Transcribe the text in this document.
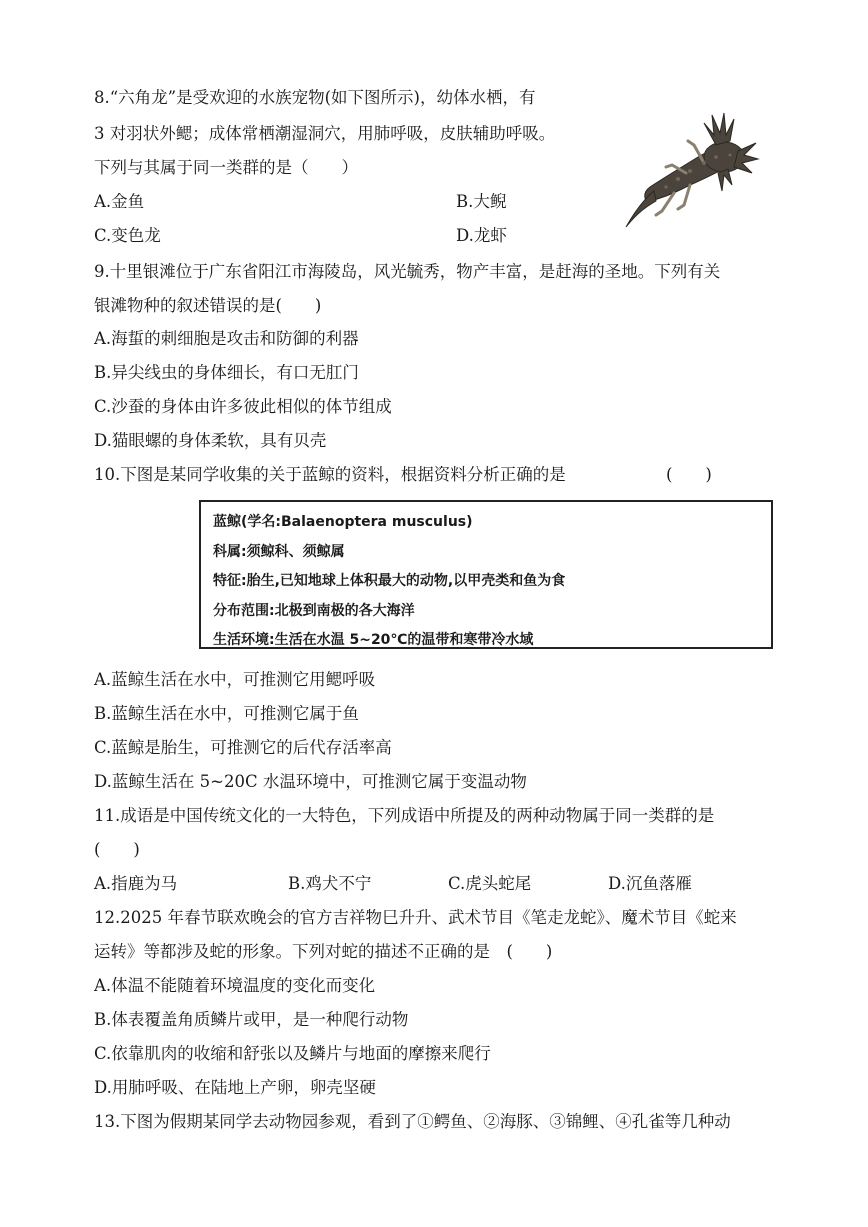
8.“六角龙”是受欢迎的水族宠物(如下图所示)，幼体水栖，有
3 对羽状外鳃；成体常栖潮湿洞穴，用肺呼吸，皮肤辅助呼吸。
下列与其属于同一类群的是（　　）
A.金鱼	B.大鲵
C.变色龙	D.龙虾
9.十里银滩位于广东省阳江市海陵岛，风光毓秀，物产丰富，是赶海的圣地。下列有关
银滩物种的叙述错误的是(　　)
A.海蜇的刺细胞是攻击和防御的利器
B.异尖线虫的身体细长，有口无肛门
C.沙蚕的身体由许多彼此相似的体节组成
D.猫眼螺的身体柔软，具有贝壳
10.下图是某同学收集的关于蓝鲸的资料，根据资料分析正确的是	(　　)
蓝鲸(学名:Balaenoptera musculus)
科属:须鲸科、须鲸属
特征:胎生,已知地球上体积最大的动物,以甲壳类和鱼为食
分布范围:北极到南极的各大海洋
生活环境:生活在水温 5~20℃的温带和寒带冷水域
A.蓝鲸生活在水中，可推测它用鳃呼吸
B.蓝鲸生活在水中，可推测它属于鱼
C.蓝鲸是胎生，可推测它的后代存活率高
D.蓝鲸生活在 5~20C 水温环境中，可推测它属于变温动物
11.成语是中国传统文化的一大特色，下列成语中所提及的两种动物属于同一类群的是
(　　)
A.指鹿为马	B.鸡犬不宁	C.虎头蛇尾	D.沉鱼落雁
12.2025 年春节联欢晚会的官方吉祥物巳升升、武术节目《笔走龙蛇》、魔术节目《蛇来
运转》等都涉及蛇的形象。下列对蛇的描述不正确的是　(　　)
A.体温不能随着环境温度的变化而变化
B.体表覆盖角质鳞片或甲，是一种爬行动物
C.依靠肌肉的收缩和舒张以及鳞片与地面的摩擦来爬行
D.用肺呼吸、在陆地上产卵，卵壳坚硬
13.下图为假期某同学去动物园参观，看到了①鳄鱼、②海豚、③锦鲤、④孔雀等几种动
